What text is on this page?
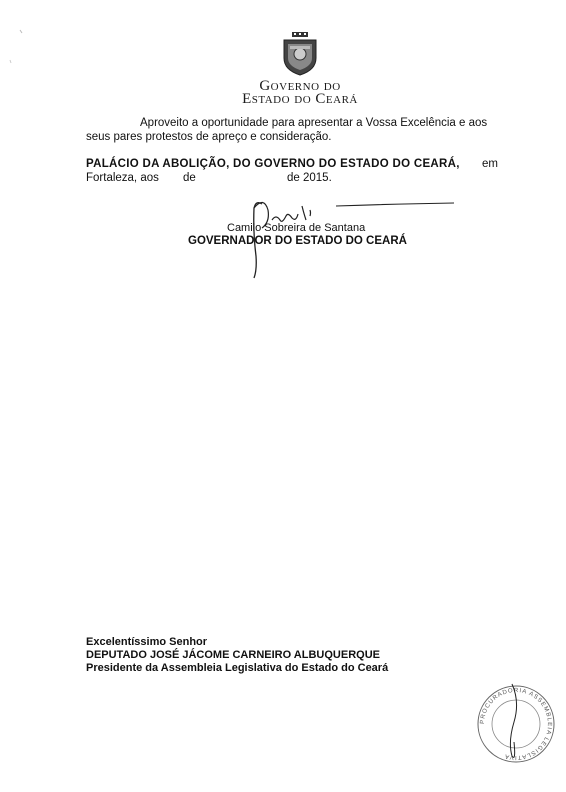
Governo do
Estado do Ceará
Aproveito a oportunidade para apresentar a Vossa Excelência e aos
seus pares protestos de apreço e consideração.
PALÁCIO DA ABOLIÇÃO, DO GOVERNO DO ESTADO DO CEARÁ, em
Fortaleza, aos de	de 2015.
Camilo Sobreira de Santana
GOVERNADOR DO ESTADO DO CEARÁ
Excelentíssimo Senhor
DEPUTADO JOSÉ JÁCOME CARNEIRO ALBUQUERQUE
Presidente da Assembleia Legislativa do Estado do Ceará
PROCURADORIA ASSEMBLEIA LEGISLATIVA
